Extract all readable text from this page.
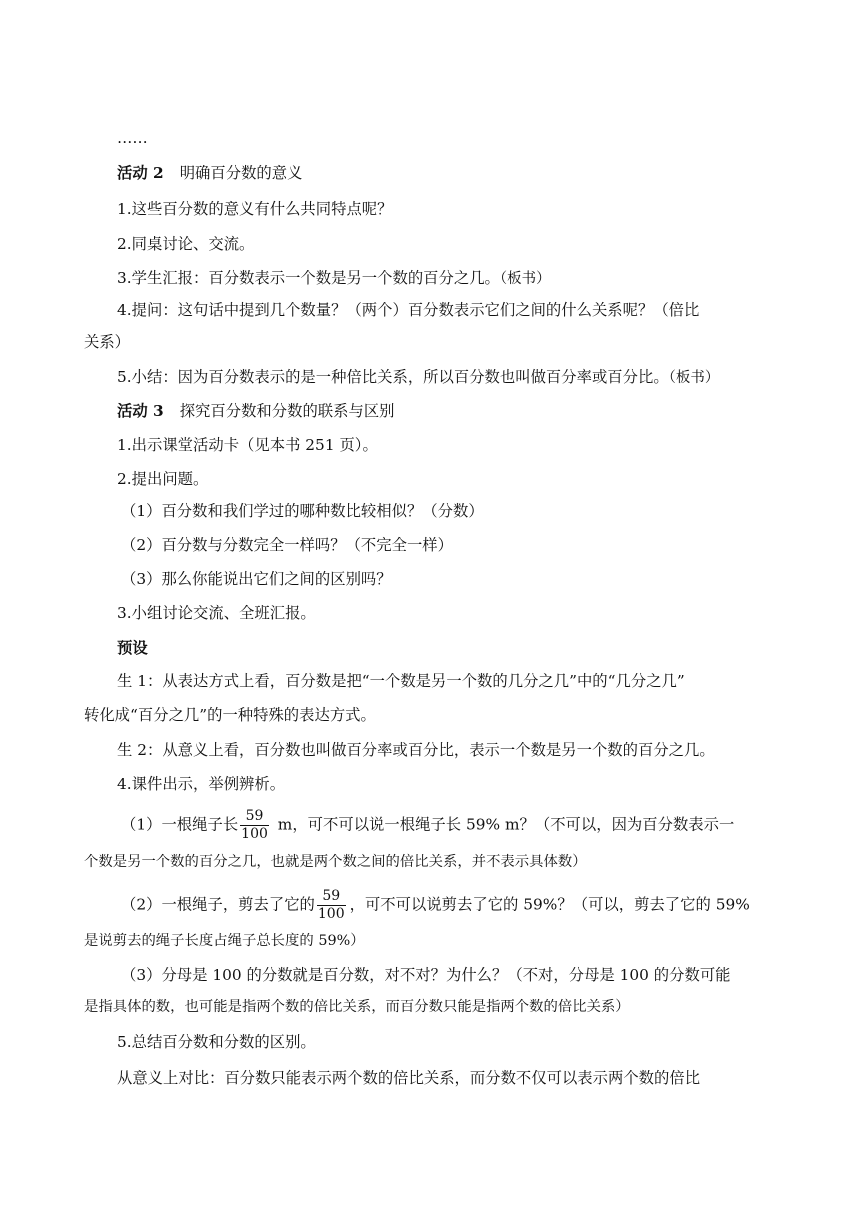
……
活动 2 明确百分数的意义
1.这些百分数的意义有什么共同特点呢？
2.同桌讨论、交流。
3.学生汇报：百分数表示一个数是另一个数的百分之几。（板书）
4.提问：这句话中提到几个数量？（两个）百分数表示它们之间的什么关系呢？（倍比
关系）
5.小结：因为百分数表示的是一种倍比关系，所以百分数也叫做百分率或百分比。（板书）
活动 3 探究百分数和分数的联系与区别
1.出示课堂活动卡（见本书 251 页）。
2.提出问题。
（1）百分数和我们学过的哪种数比较相似？（分数）
（2）百分数与分数完全一样吗？（不完全一样）
（3）那么你能说出它们之间的区别吗？
3.小组讨论交流、全班汇报。
预设
生 1：从表达方式上看，百分数是把“一个数是另一个数的几分之几”中的“几分之几”
转化成“百分之几”的一种特殊的表达方式。
生 2：从意义上看，百分数也叫做百分率或百分比，表示一个数是另一个数的百分之几。
4.课件出示，举例辨析。
（1）一根绳子长 $\frac{59}{100}$ m，可不可以说一根绳子长 59% m？（不可以，因为百分数表示一
个数是另一个数的百分之几，也就是两个数之间的倍比关系，并不表示具体数）
（2）一根绳子，剪去了它的 $\frac{59}{100}$ ，可不可以说剪去了它的 59%？（可以，剪去了它的 59%
是说剪去的绳子长度占绳子总长度的 59%）
（3）分母是 100 的分数就是百分数，对不对？为什么？（不对，分母是 100 的分数可能
是指具体的数，也可能是指两个数的倍比关系，而百分数只能是指两个数的倍比关系）
5.总结百分数和分数的区别。
从意义上对比：百分数只能表示两个数的倍比关系，而分数不仅可以表示两个数的倍比
